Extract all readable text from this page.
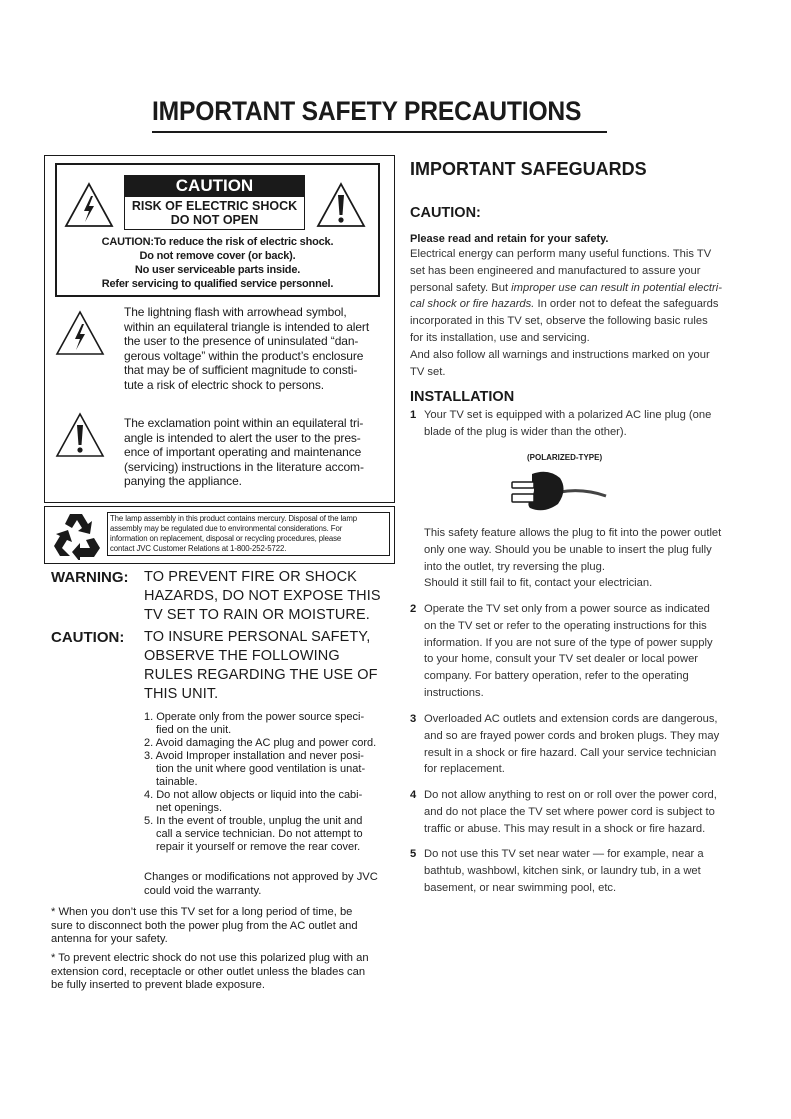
IMPORTANT SAFETY PRECAUTIONS
CAUTION
RISK OF ELECTRIC SHOCK
DO NOT OPEN
CAUTION:To reduce the risk of electric shock.
Do not remove cover (or back).
No user serviceable parts inside.
Refer servicing to qualified service personnel.
The lightning flash with arrowhead symbol,
within an equilateral triangle is intended to alert
the user to the presence of uninsulated “dan-
gerous voltage” within the product’s enclosure
that may be of sufficient magnitude to consti-
tute a risk of electric shock to persons.
The exclamation point within an equilateral tri-
angle is intended to alert the user to the pres-
ence of important operating and maintenance
(servicing) instructions in the literature accom-
panying the appliance.
The lamp assembly in this product contains mercury. Disposal of the lamp
assembly may be regulated due to environmental considerations. For
information on replacement, disposal or recycling procedures, please
contact JVC Customer Relations at 1-800-252-5722.
WARNING: TO PREVENT FIRE OR SHOCK
HAZARDS, DO NOT EXPOSE THIS
TV SET TO RAIN OR MOISTURE.
CAUTION: TO INSURE PERSONAL SAFETY,
OBSERVE THE FOLLOWING
RULES REGARDING THE USE OF
THIS UNIT.
1. Operate only from the power source speci-
fied on the unit.
2. Avoid damaging the AC plug and power cord.
3. Avoid Improper installation and never posi-
tion the unit where good ventilation is unat-
tainable.
4. Do not allow objects or liquid into the cabi-
net openings.
5. In the event of trouble, unplug the unit and
call a service technician. Do not attempt to
repair it yourself or remove the rear cover.
Changes or modifications not approved by JVC
could void the warranty.
* When you don’t use this TV set for a long period of time, be
sure to disconnect both the power plug from the AC outlet and
antenna for your safety.
* To prevent electric shock do not use this polarized plug with an
extension cord, receptacle or other outlet unless the blades can
be fully inserted to prevent blade exposure.
IMPORTANT SAFEGUARDS
CAUTION:
Please read and retain for your safety.
Electrical energy can perform many useful functions. This TV
set has been engineered and manufactured to assure your
personal safety. But improper use can result in potential electri-
cal shock or fire hazards. In order not to defeat the safeguards
incorporated in this TV set, observe the following basic rules
for its installation, use and servicing.
And also follow all warnings and instructions marked on your
TV set.
INSTALLATION
1 Your TV set is equipped with a polarized AC line plug (one
blade of the plug is wider than the other).
(POLARIZED-TYPE)
This safety feature allows the plug to fit into the power outlet
only one way. Should you be unable to insert the plug fully
into the outlet, try reversing the plug.
Should it still fail to fit, contact your electrician.
2 Operate the TV set only from a power source as indicated
on the TV set or refer to the operating instructions for this
information. If you are not sure of the type of power supply
to your home, consult your TV set dealer or local power
company. For battery operation, refer to the operating
instructions.
3 Overloaded AC outlets and extension cords are dangerous,
and so are frayed power cords and broken plugs. They may
result in a shock or fire hazard. Call your service technician
for replacement.
4 Do not allow anything to rest on or roll over the power cord,
and do not place the TV set where power cord is subject to
traffic or abuse. This may result in a shock or fire hazard.
5 Do not use this TV set near water — for example, near a
bathtub, washbowl, kitchen sink, or laundry tub, in a wet
basement, or near swimming pool, etc.
